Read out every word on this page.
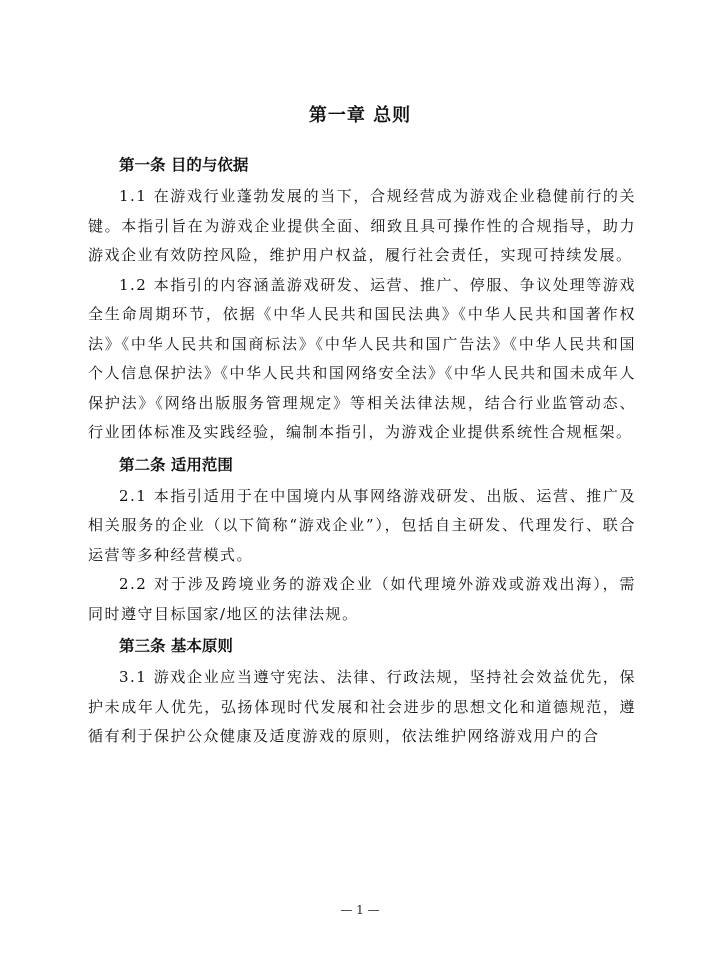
第一章 总则

第一条 目的与依据

1.1 在游戏行业蓬勃发展的当下，合规经营成为游戏企业稳健前行的关键。本指引旨在为游戏企业提供全面、细致且具可操作性的合规指导，助力游戏企业有效防控风险，维护用户权益，履行社会责任，实现可持续发展。

1.2 本指引的内容涵盖游戏研发、运营、推广、停服、争议处理等游戏全生命周期环节，依据《中华人民共和国民法典》《中华人民共和国著作权法》《中华人民共和国商标法》《中华人民共和国广告法》《中华人民共和国个人信息保护法》《中华人民共和国网络安全法》《中华人民共和国未成年人保护法》《网络出版服务管理规定》等相关法律法规，结合行业监管动态、行业团体标准及实践经验，编制本指引，为游戏企业提供系统性合规框架。

第二条 适用范围

2.1 本指引适用于在中国境内从事网络游戏研发、出版、运营、推广及相关服务的企业（以下简称“游戏企业”），包括自主研发、代理发行、联合运营等多种经营模式。

2.2 对于涉及跨境业务的游戏企业（如代理境外游戏或游戏出海），需同时遵守目标国家/地区的法律法规。

第三条 基本原则

3.1 游戏企业应当遵守宪法、法律、行政法规，坚持社会效益优先，保护未成年人优先，弘扬体现时代发展和社会进步的思想文化和道德规范，遵循有利于保护公众健康及适度游戏的原则，依法维护网络游戏用户的合

— 1 —
